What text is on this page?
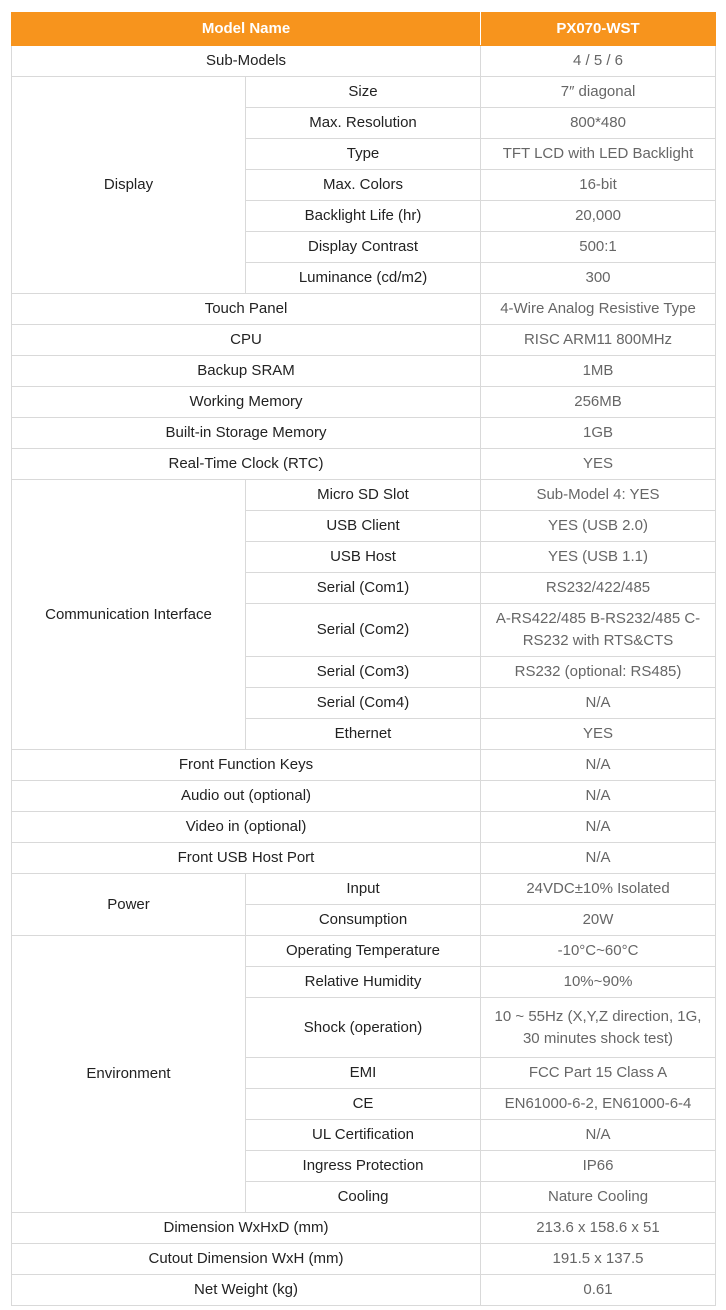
Model Name		PX070-WST
Sub-Models		4 / 5 / 6
Display	Size	7″ diagonal
	Max. Resolution	800*480
	Type	TFT LCD with LED Backlight
	Max. Colors	16-bit
	Backlight Life (hr)	20,000
	Display Contrast	500:1
	Luminance (cd/m2)	300
Touch Panel		4-Wire Analog Resistive Type
CPU		RISC ARM11 800MHz
Backup SRAM		1MB
Working Memory		256MB
Built-in Storage Memory		1GB
Real-Time Clock (RTC)		YES
Communication Interface	Micro SD Slot	Sub-Model 4: YES
	USB Client	YES (USB 2.0)
	USB Host	YES (USB 1.1)
	Serial (Com1)	RS232/422/485
	Serial (Com2)	A-RS422/485 B-RS232/485 C-RS232 with RTS&CTS
	Serial (Com3)	RS232 (optional: RS485)
	Serial (Com4)	N/A
	Ethernet	YES
Front Function Keys		N/A
Audio out (optional)		N/A
Video in (optional)		N/A
Front USB Host Port		N/A
Power	Input	24VDC±10% Isolated
	Consumption	20W
Environment	Operating Temperature	-10°C~60°C
	Relative Humidity	10%~90%
	Shock (operation)	10 ~ 55Hz (X,Y,Z direction, 1G, 30 minutes shock test)
	EMI	FCC Part 15 Class A
	CE	EN61000-6-2, EN61000-6-4
	UL Certification	N/A
	Ingress Protection	IP66
	Cooling	Nature Cooling
Dimension WxHxD (mm)		213.6 x 158.6 x 51
Cutout Dimension WxH (mm)		191.5 x 137.5
Net Weight (kg)		0.61
